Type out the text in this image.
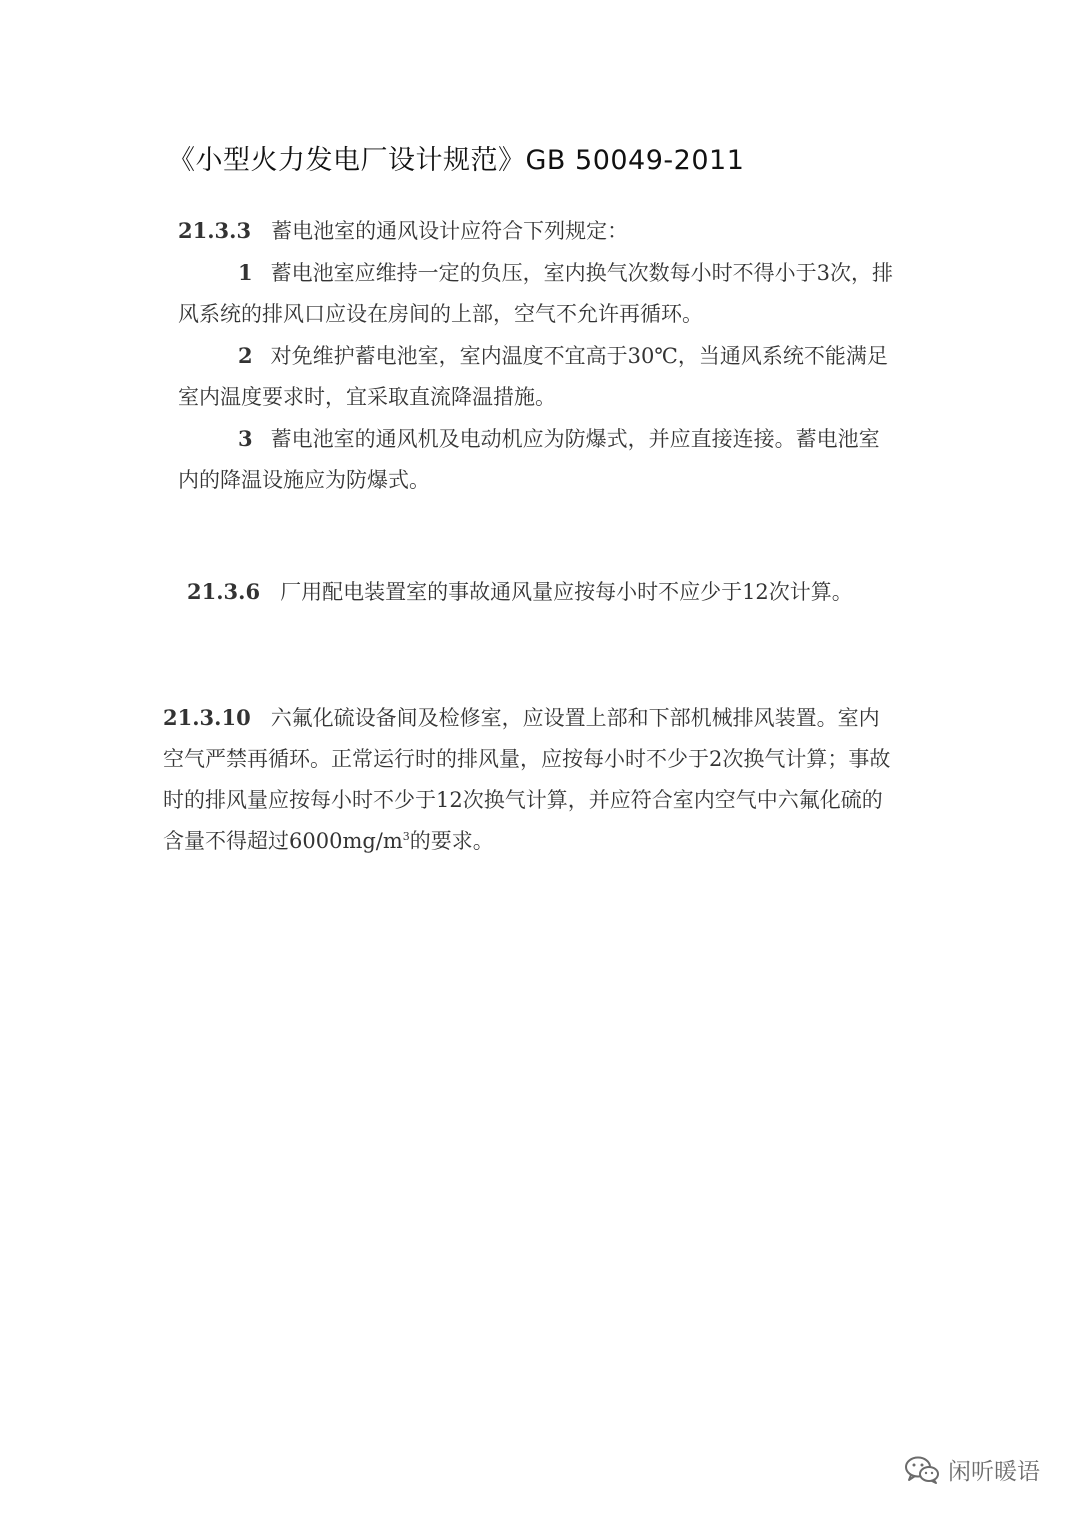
《小型火力发电厂设计规范》GB 50049-2011

21.3.3 蓄电池室的通风设计应符合下列规定：

1 蓄电池室应维持一定的负压，室内换气次数每小时不得小于3次，排风系统的排风口应设在房间的上部，空气不允许再循环。

2 对免维护蓄电池室，室内温度不宜高于30℃，当通风系统不能满足室内温度要求时，宜采取直流降温措施。

3 蓄电池室的通风机及电动机应为防爆式，并应直接连接。蓄电池室内的降温设施应为防爆式。

21.3.6 厂用配电装置室的事故通风量应按每小时不应少于12次计算。

21.3.10 六氟化硫设备间及检修室，应设置上部和下部机械排风装置。室内空气严禁再循环。正常运行时的排风量，应按每小时不少于2次换气计算；事故时的排风量应按每小时不少于12次换气计算，并应符合室内空气中六氟化硫的含量不得超过$6000mg/m^3$的要求。

闲听暖语
